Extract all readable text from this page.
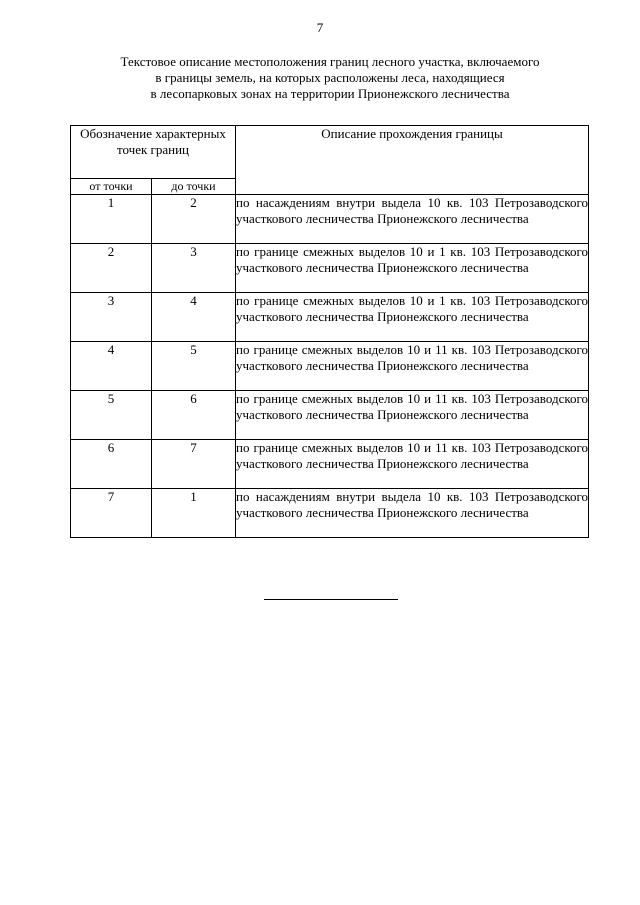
7
Текстовое описание местоположения границ лесного участка, включаемого
в границы земель, на которых расположены леса, находящиеся
в лесопарковых зонах на территории Прионежского лесничества
Обозначение характерных точек границ		Описание прохождения границы
от точки	до точки	
1	2	по насаждениям внутри выдела 10 кв. 103 Петрозаводского участкового лесничества Прионежского лесничества
2	3	по границе смежных выделов 10 и 1 кв. 103 Петрозаводского участкового лесничества Прионежского лесничества
3	4	по границе смежных выделов 10 и 1 кв. 103 Петрозаводского участкового лесничества Прионежского лесничества
4	5	по границе смежных выделов 10 и 11 кв. 103 Петрозаводского участкового лесничества Прионежского лесничества
5	6	по границе смежных выделов 10 и 11 кв. 103 Петрозаводского участкового лесничества Прионежского лесничества
6	7	по границе смежных выделов 10 и 11 кв. 103 Петрозаводского участкового лесничества Прионежского лесничества
7	1	по насаждениям внутри выдела 10 кв. 103 Петрозаводского участкового лесничества Прионежского лесничества
